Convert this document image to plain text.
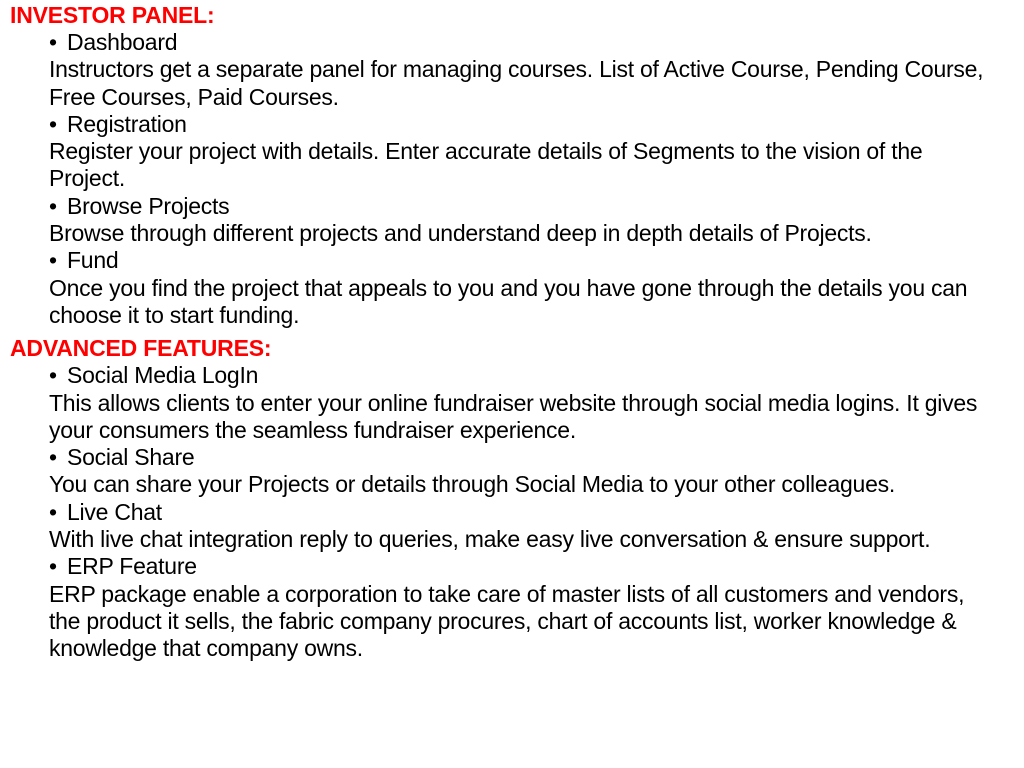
INVESTOR PANEL:

• Dashboard

Instructors get a separate panel for managing courses. List of Active Course, Pending Course, Free Courses, Paid Courses.

• Registration

Register your project with details. Enter accurate details of Segments to the vision of the Project.

• Browse Projects

Browse through different projects and understand deep in depth details of Projects.

• Fund

Once you find the project that appeals to you and you have gone through the details you can choose it to start funding.

ADVANCED FEATURES:

• Social Media LogIn

This allows clients to enter your online fundraiser website through social media logins. It gives your consumers the seamless fundraiser experience.

• Social Share

You can share your Projects or details through Social Media to your other colleagues.

• Live Chat

With live chat integration reply to queries, make easy live conversation & ensure support.

• ERP Feature

ERP package enable a corporation to take care of master lists of all customers and vendors, the product it sells, the fabric company procures, chart of accounts list, worker knowledge & knowledge that company owns.
